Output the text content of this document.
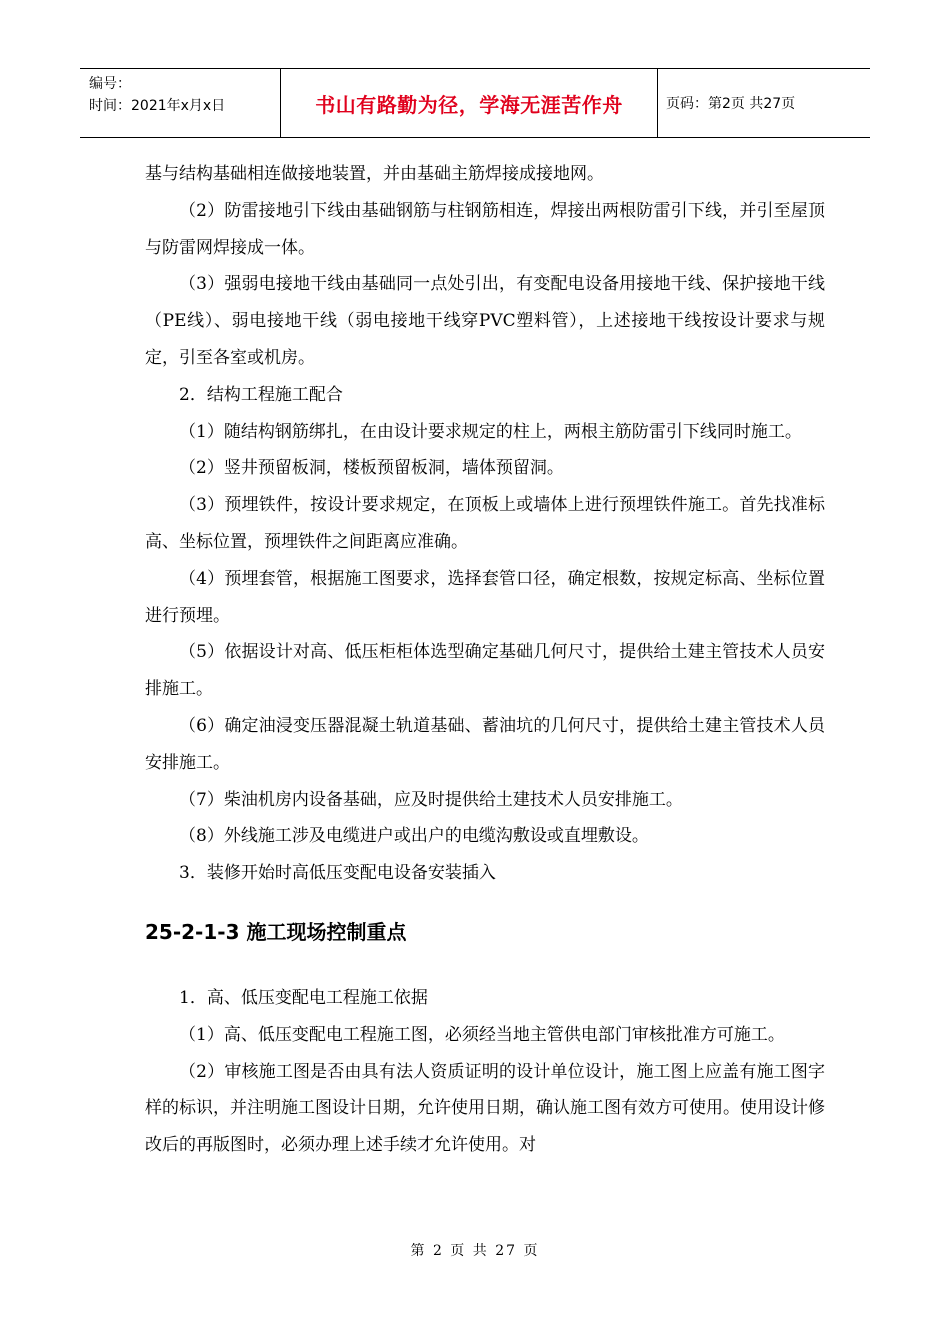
编号：
时间：2021年x月x日	书山有路勤为径，学海无涯苦作舟	页码：第2页 共27页

基与结构基础相连做接地装置，并由基础主筋焊接成接地网。

（2）防雷接地引下线由基础钢筋与柱钢筋相连，焊接出两根防雷引下线，并引至屋顶与防雷网焊接成一体。

（3）强弱电接地干线由基础同一点处引出，有变配电设备用接地干线、保护接地干线（PE线）、弱电接地干线（弱电接地干线穿PVC塑料管），上述接地干线按设计要求与规定，引至各室或机房。

2．结构工程施工配合

（1）随结构钢筋绑扎，在由设计要求规定的柱上，两根主筋防雷引下线同时施工。

（2）竖井预留板洞，楼板预留板洞，墙体预留洞。

（3）预埋铁件，按设计要求规定，在顶板上或墙体上进行预埋铁件施工。首先找准标高、坐标位置，预埋铁件之间距离应准确。

（4）预埋套管，根据施工图要求，选择套管口径，确定根数，按规定标高、坐标位置进行预埋。

（5）依据设计对高、低压柜柜体选型确定基础几何尺寸，提供给土建主管技术人员安排施工。

（6）确定油浸变压器混凝土轨道基础、蓄油坑的几何尺寸，提供给土建主管技术人员安排施工。

（7）柴油机房内设备基础，应及时提供给土建技术人员安排施工。

（8）外线施工涉及电缆进户或出户的电缆沟敷设或直埋敷设。

3．装修开始时高低压变配电设备安装插入

25-2-1-3 施工现场控制重点

1．高、低压变配电工程施工依据

（1）高、低压变配电工程施工图，必须经当地主管供电部门审核批准方可施工。

（2）审核施工图是否由具有法人资质证明的设计单位设计，施工图上应盖有施工图字样的标识，并注明施工图设计日期，允许使用日期，确认施工图有效方可使用。使用设计修改后的再版图时，必须办理上述手续才允许使用。对

第 2 页 共 27 页
